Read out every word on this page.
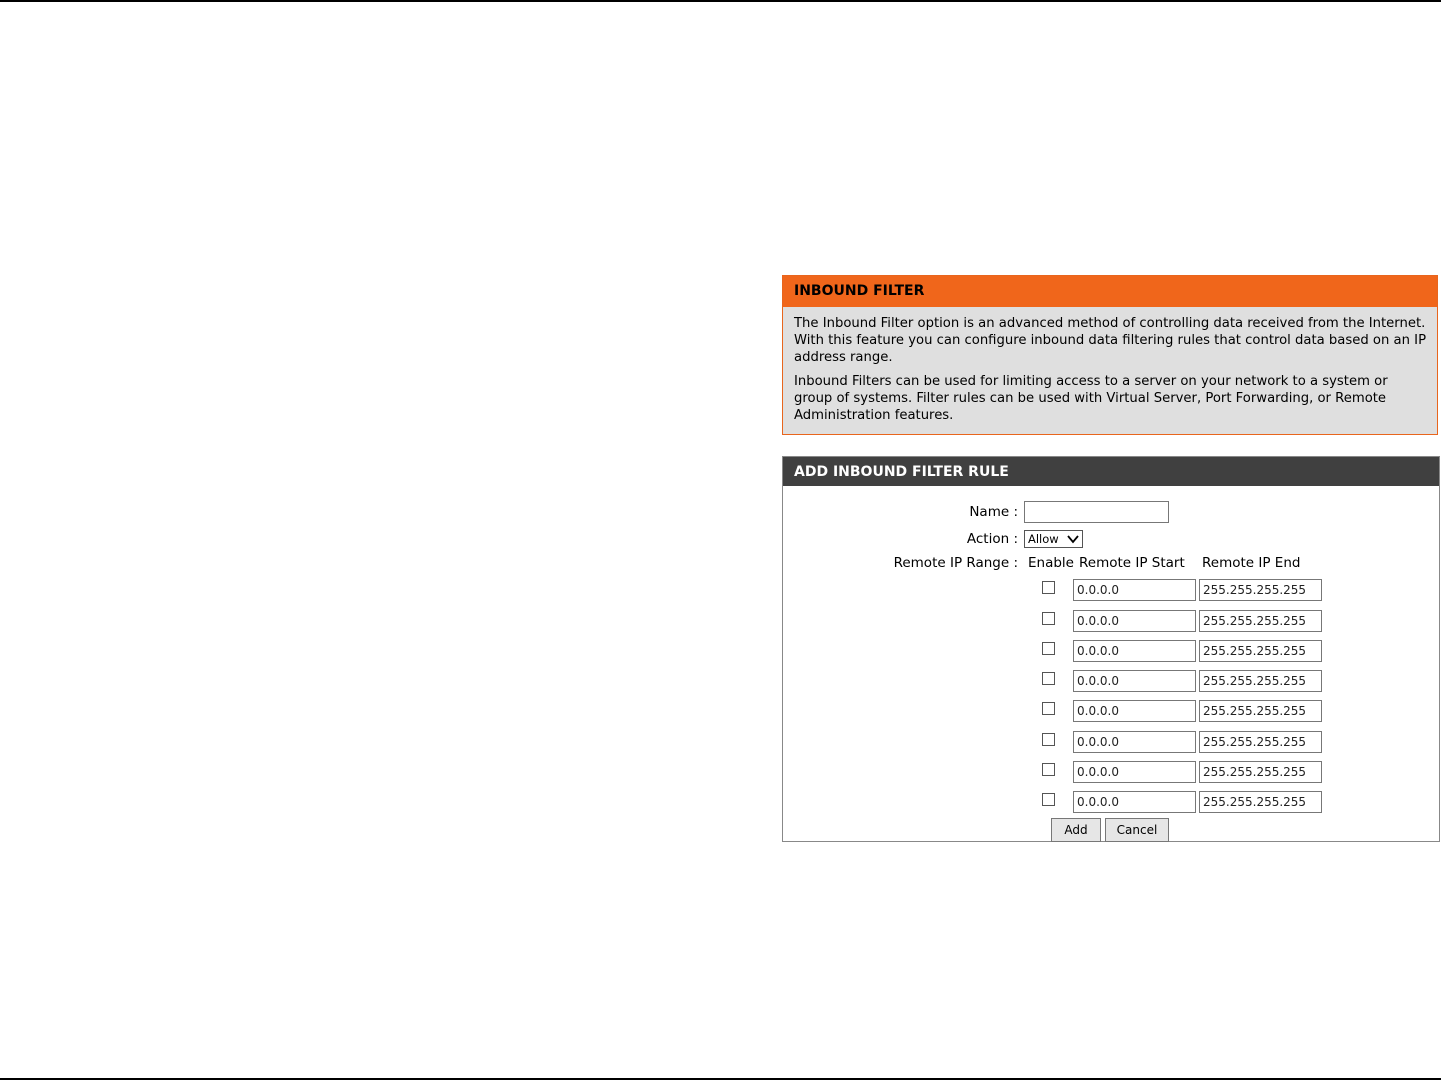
INBOUND FILTER

The Inbound Filter option is an advanced method of controlling data received from the Internet. With this feature you can configure inbound data filtering rules that control data based on an IP address range.

Inbound Filters can be used for limiting access to a server on your network to a system or group of systems. Filter rules can be used with Virtual Server, Port Forwarding, or Remote Administration features.

ADD INBOUND FILTER RULE
Name :
Action : Allow
Remote IP Range : Enable Remote IP Start Remote IP End
0.0.0.0
255.255.255.255
0.0.0.0
255.255.255.255
0.0.0.0
255.255.255.255
0.0.0.0
255.255.255.255
0.0.0.0
255.255.255.255
0.0.0.0
255.255.255.255
0.0.0.0
255.255.255.255
0.0.0.0
255.255.255.255
Add	Cancel
